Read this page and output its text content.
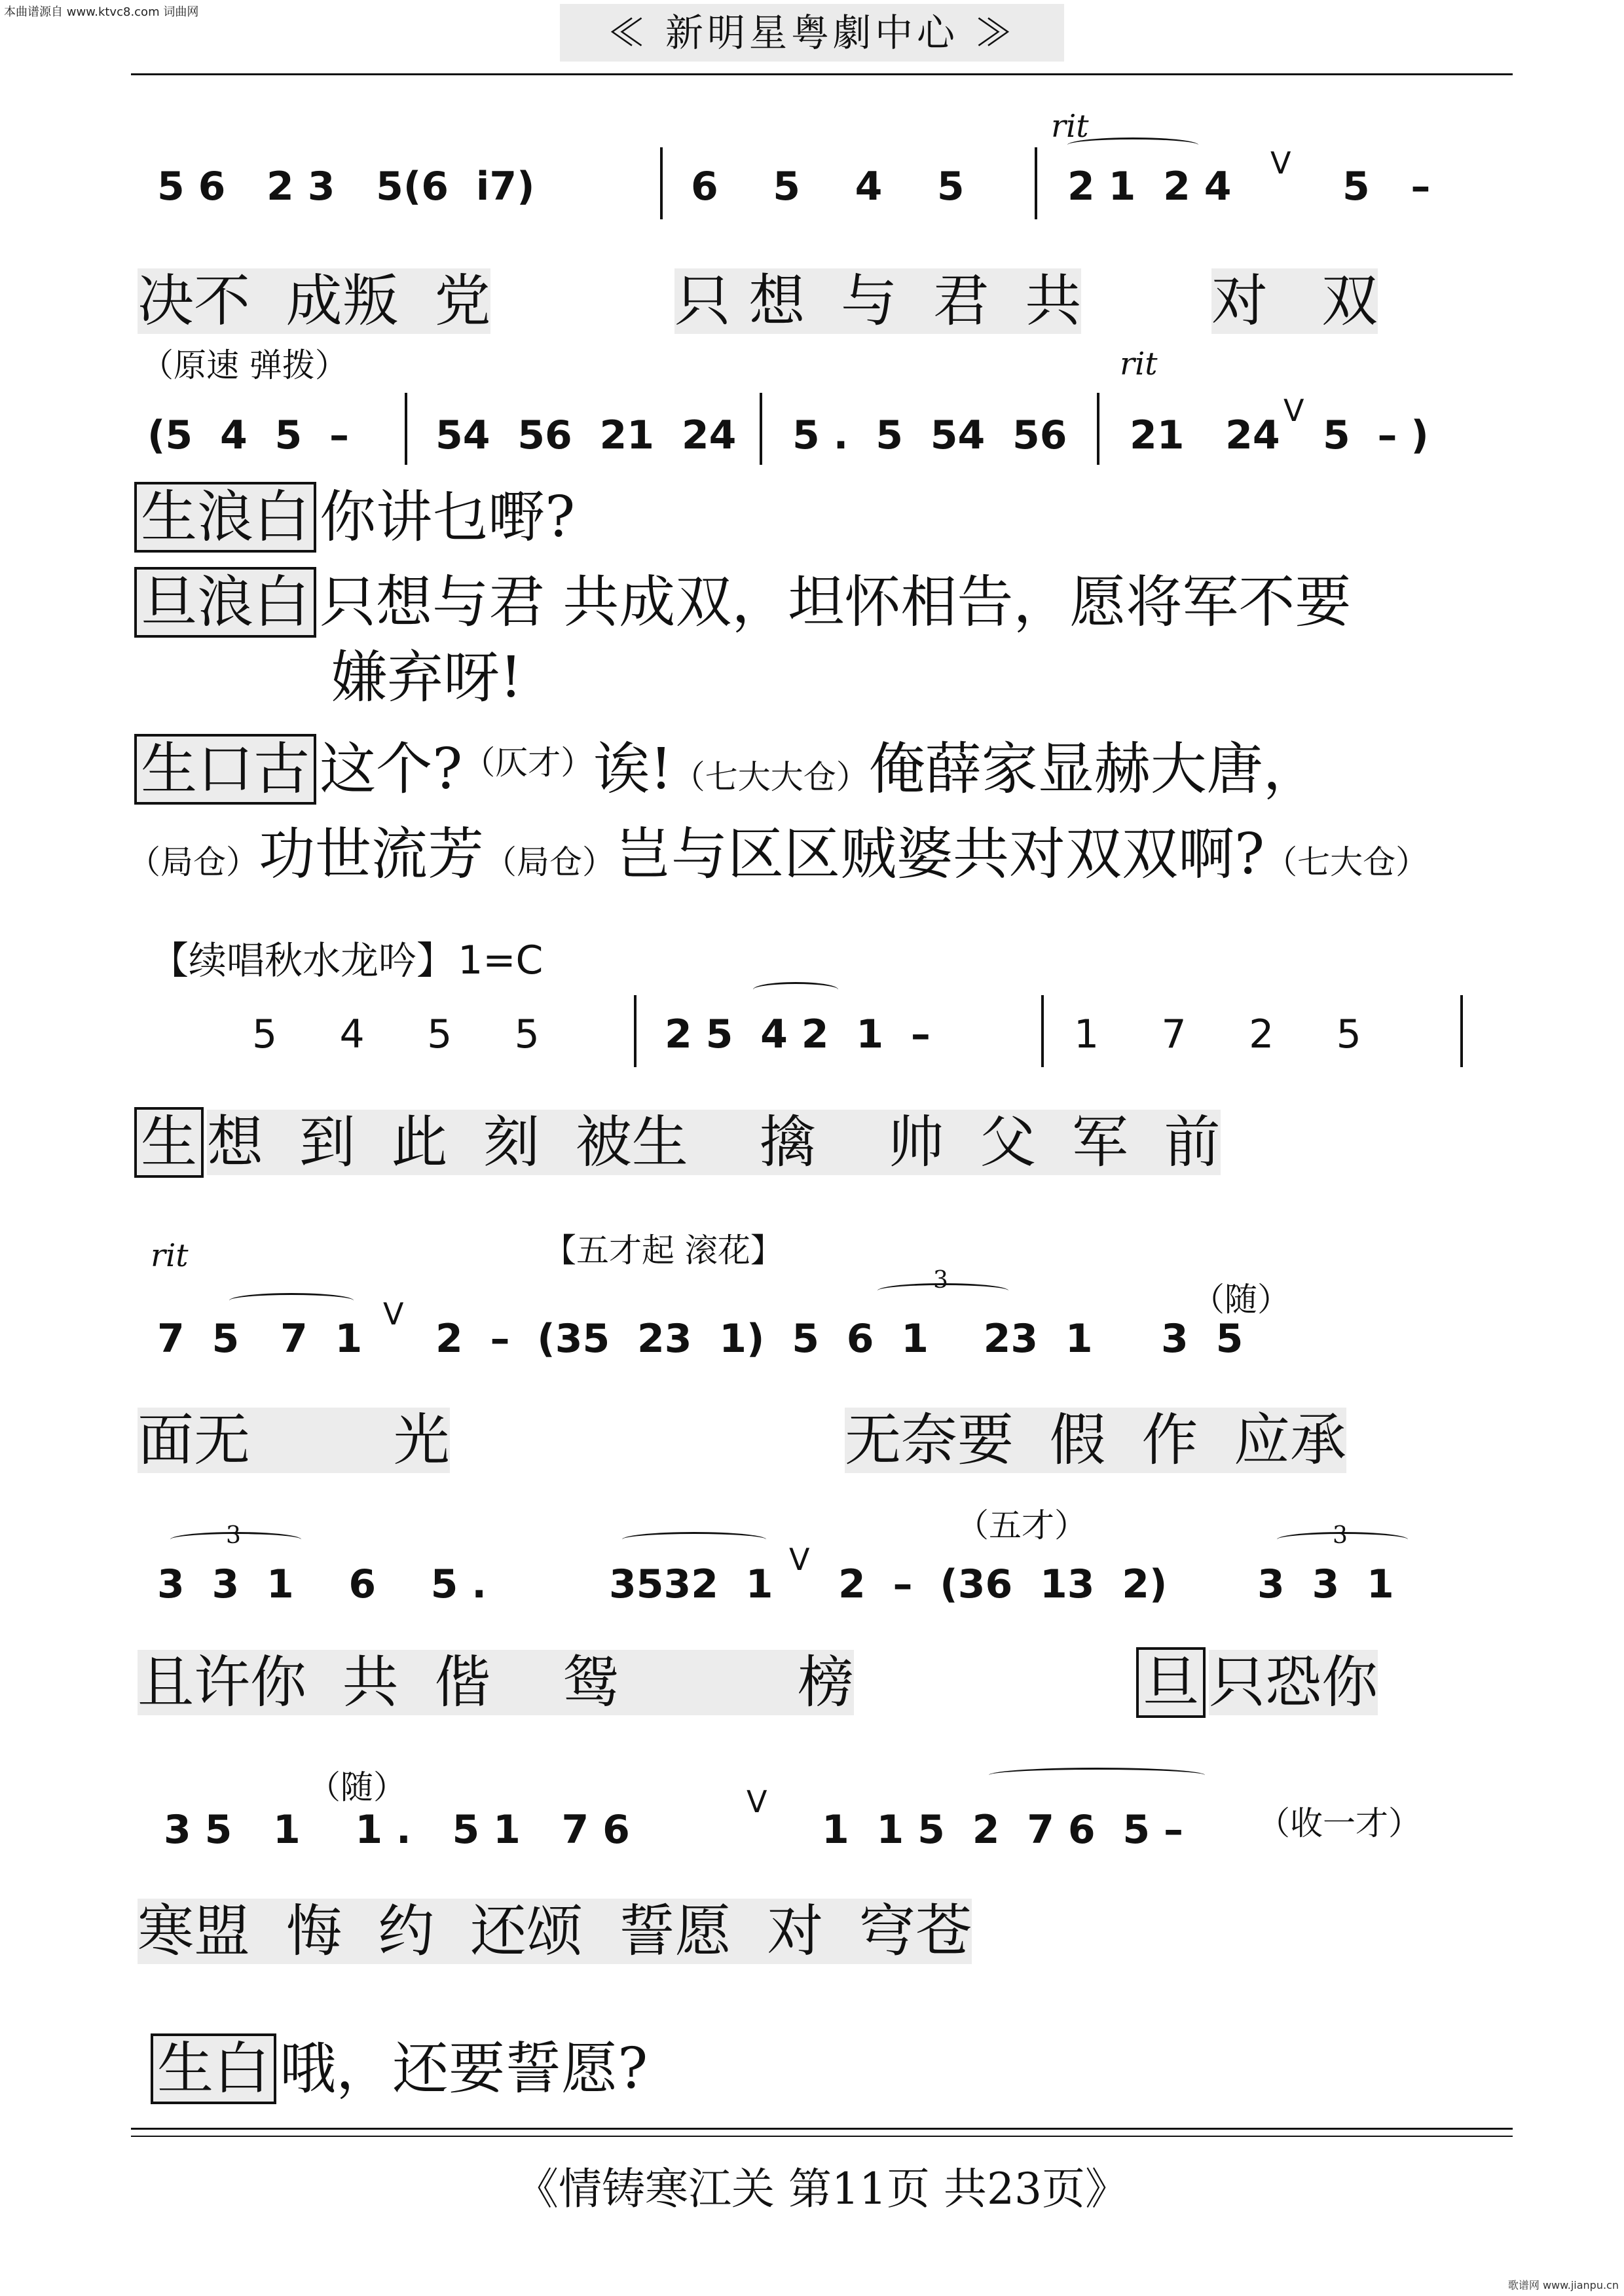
本曲谱源自 www.ktvc8.com 词曲网	≪ 新明星粤劇中心 ≫
rit
5 6   2 3   5(6  i7)	6    5    4    5	2 1  2 4
V
5   –
决不  成叛  党	只 想  与  君  共 对   双
（原速 弹拨）	rit
(5  4  5  – 54  56  21  24 5 .  5  54  56 21   24
V
5  – )
生浪白 你讲乜嘢?
旦浪白 只想与君 共成双，坦怀相告，愿将军不要
嫌弃呀!
生口古 这个?（仄才）诶!（七大大仓）俺薛家显赫大唐，
（局仓）功世流芳（局仓）岂与区区贼婆共对双双啊?（七大仓）
【续唱秋水龙吟】 1=C
5     4     5     5	2 5  4 2  1  –	1     7     2     5
生 想  到  此  刻  被生    擒    帅  父  军  前
rit	【五才起 滚花】
（随）
3
7  5   7  1
V
2  –  (35  23  1)  5  6  1    23  1     3  5
面无        光	无奈要  假  作  应承
（五才）
3	3
3  3  1    6    5 .	3532  1
V
2  –  (36  13  2) 3  3  1
且许你  共  偕    鸳          榜	旦 只恐你
（随）
3 5   1    1 .   5 1   7 6
V
1  1 5  2  7 6  5 – （收一才）
寒盟  悔  约  还颂  誓愿  对  穹苍
生白 哦，还要誓愿?
《情铸寒江关 第11页 共23页》
歌谱网 www.jianpu.cn
